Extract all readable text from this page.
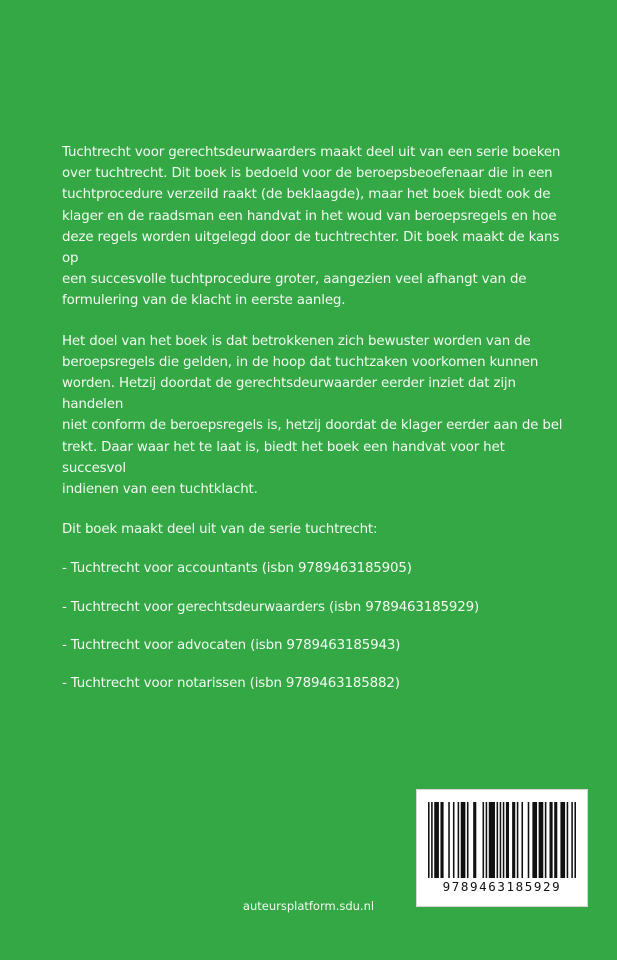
Tuchtrecht voor gerechtsdeurwaarders maakt deel uit van een serie boeken
over tuchtrecht. Dit boek is bedoeld voor de beroepsbeoefenaar die in een
tuchtprocedure verzeild raakt (de beklaagde), maar het boek biedt ook de
klager en de raadsman een handvat in het woud van beroepsregels en hoe
deze regels worden uitgelegd door de tuchtrechter. Dit boek maakt de kans op
een succesvolle tuchtprocedure groter, aangezien veel afhangt van de
formulering van de klacht in eerste aanleg.

Het doel van het boek is dat betrokkenen zich bewuster worden van de
beroepsregels die gelden, in de hoop dat tuchtzaken voorkomen kunnen
worden. Hetzij doordat de gerechtsdeurwaarder eerder inziet dat zijn handelen
niet conform de beroepsregels is, hetzij doordat de klager eerder aan de bel
trekt. Daar waar het te laat is, biedt het boek een handvat voor het succesvol
indienen van een tuchtklacht.

Dit boek maakt deel uit van de serie tuchtrecht:

- Tuchtrecht voor accountants (isbn 9789463185905)

- Tuchtrecht voor gerechtsdeurwaarders (isbn 9789463185929)

- Tuchtrecht voor advocaten (isbn 9789463185943)

- Tuchtrecht voor notarissen (isbn 9789463185882)

9789463185929
auteursplatform.sdu.nl
